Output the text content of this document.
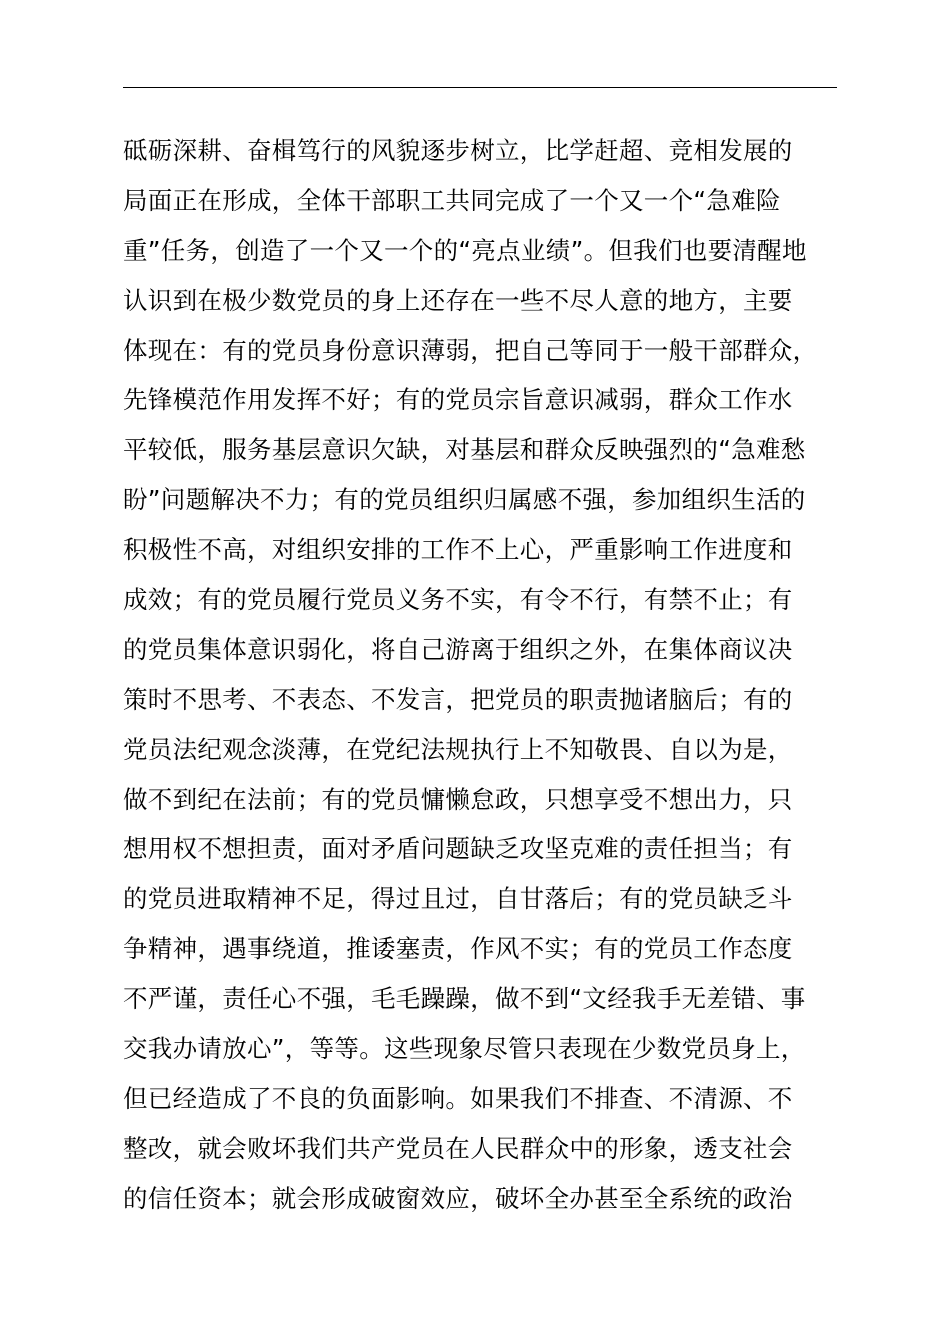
砥砺深耕、奋楫笃行的风貌逐步树立，比学赶超、竞相发展的
局面正在形成，全体干部职工共同完成了一个又一个“急难险
重”任务，创造了一个又一个的“亮点业绩”。但我们也要清醒地
认识到在极少数党员的身上还存在一些不尽人意的地方，主要
体现在：有的党员身份意识薄弱，把自己等同于一般干部群众，
先锋模范作用发挥不好；有的党员宗旨意识减弱，群众工作水
平较低，服务基层意识欠缺，对基层和群众反映强烈的“急难愁
盼”问题解决不力；有的党员组织归属感不强，参加组织生活的
积极性不高，对组织安排的工作不上心，严重影响工作进度和
成效；有的党员履行党员义务不实，有令不行，有禁不止；有
的党员集体意识弱化，将自己游离于组织之外，在集体商议决
策时不思考、不表态、不发言，把党员的职责抛诸脑后；有的
党员法纪观念淡薄，在党纪法规执行上不知敬畏、自以为是，
做不到纪在法前；有的党员慵懒怠政，只想享受不想出力，只
想用权不想担责，面对矛盾问题缺乏攻坚克难的责任担当；有
的党员进取精神不足，得过且过，自甘落后；有的党员缺乏斗
争精神，遇事绕道，推诿塞责，作风不实；有的党员工作态度
不严谨，责任心不强，毛毛躁躁，做不到“文经我手无差错、事
交我办请放心”，等等。这些现象尽管只表现在少数党员身上，
但已经造成了不良的负面影响。如果我们不排查、不清源、不
整改，就会败坏我们共产党员在人民群众中的形象，透支社会
的信任资本；就会形成破窗效应，破坏全办甚至全系统的政治
